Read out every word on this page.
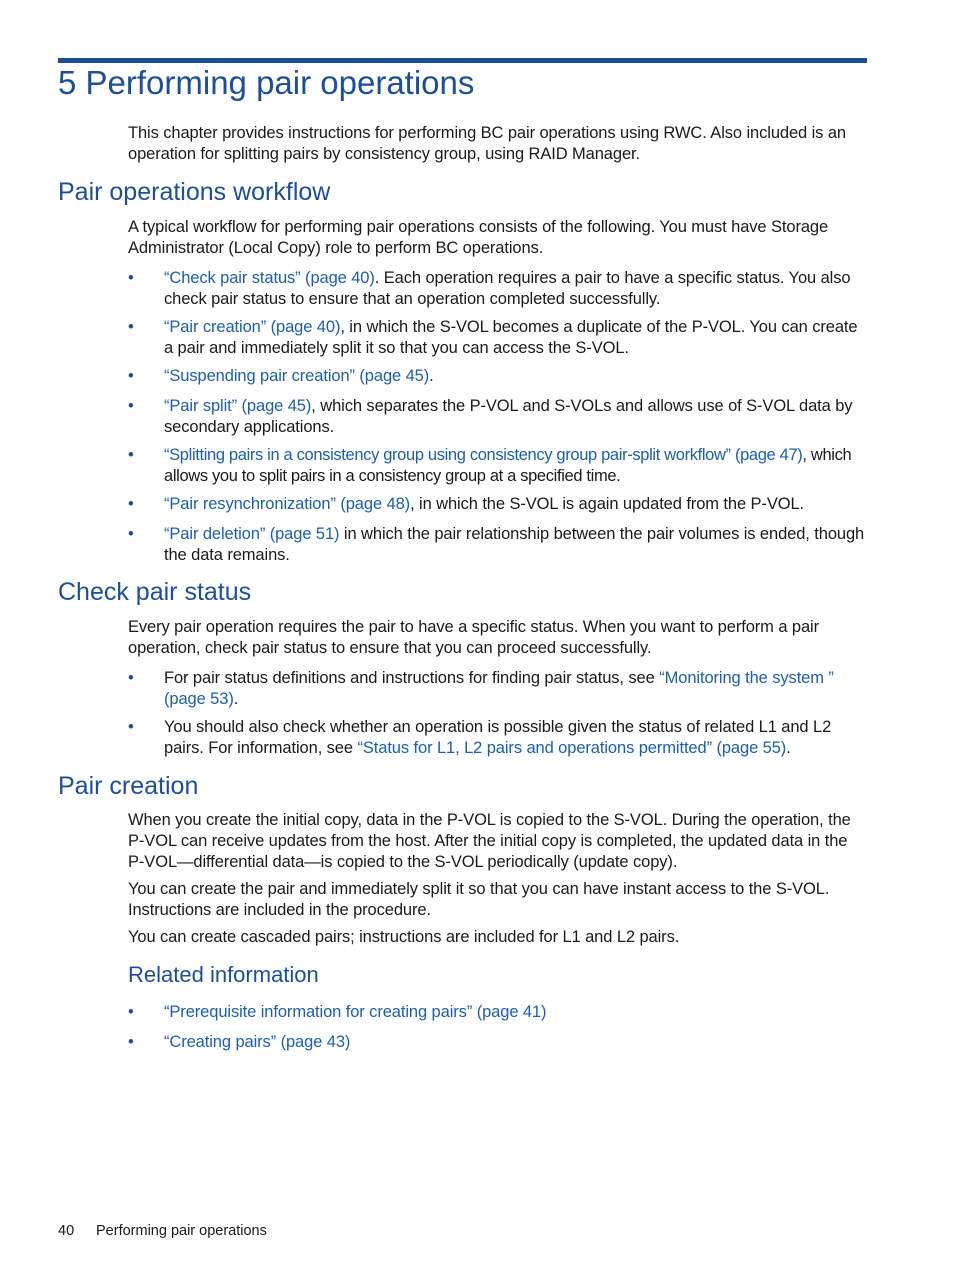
5 Performing pair operations

This chapter provides instructions for performing BC pair operations using RWC. Also included is an operation for splitting pairs by consistency group, using RAID Manager.

Pair operations workflow

A typical workflow for performing pair operations consists of the following. You must have Storage Administrator (Local Copy) role to perform BC operations.

• “Check pair status” (page 40). Each operation requires a pair to have a specific status. You also check pair status to ensure that an operation completed successfully.

• “Pair creation” (page 40), in which the S-VOL becomes a duplicate of the P-VOL. You can create a pair and immediately split it so that you can access the S-VOL.

• “Suspending pair creation” (page 45).

• “Pair split” (page 45), which separates the P-VOL and S-VOLs and allows use of S-VOL data by secondary applications.

• “Splitting pairs in a consistency group using consistency group pair-split workflow” (page 47), which allows you to split pairs in a consistency group at a specified time.

• “Pair resynchronization” (page 48), in which the S-VOL is again updated from the P-VOL.

• “Pair deletion” (page 51) in which the pair relationship between the pair volumes is ended, though the data remains.

Check pair status

Every pair operation requires the pair to have a specific status. When you want to perform a pair operation, check pair status to ensure that you can proceed successfully.

• For pair status definitions and instructions for finding pair status, see “Monitoring the system ” (page 53).

• You should also check whether an operation is possible given the status of related L1 and L2 pairs. For information, see “Status for L1, L2 pairs and operations permitted” (page 55).

Pair creation

When you create the initial copy, data in the P-VOL is copied to the S-VOL. During the operation, the P-VOL can receive updates from the host. After the initial copy is completed, the updated data in the P-VOL—differential data—is copied to the S-VOL periodically (update copy).

You can create the pair and immediately split it so that you can have instant access to the S-VOL. Instructions are included in the procedure.

You can create cascaded pairs; instructions are included for L1 and L2 pairs.

Related information
• “Prerequisite information for creating pairs” (page 41)

• “Creating pairs” (page 43)

40 Performing pair operations
